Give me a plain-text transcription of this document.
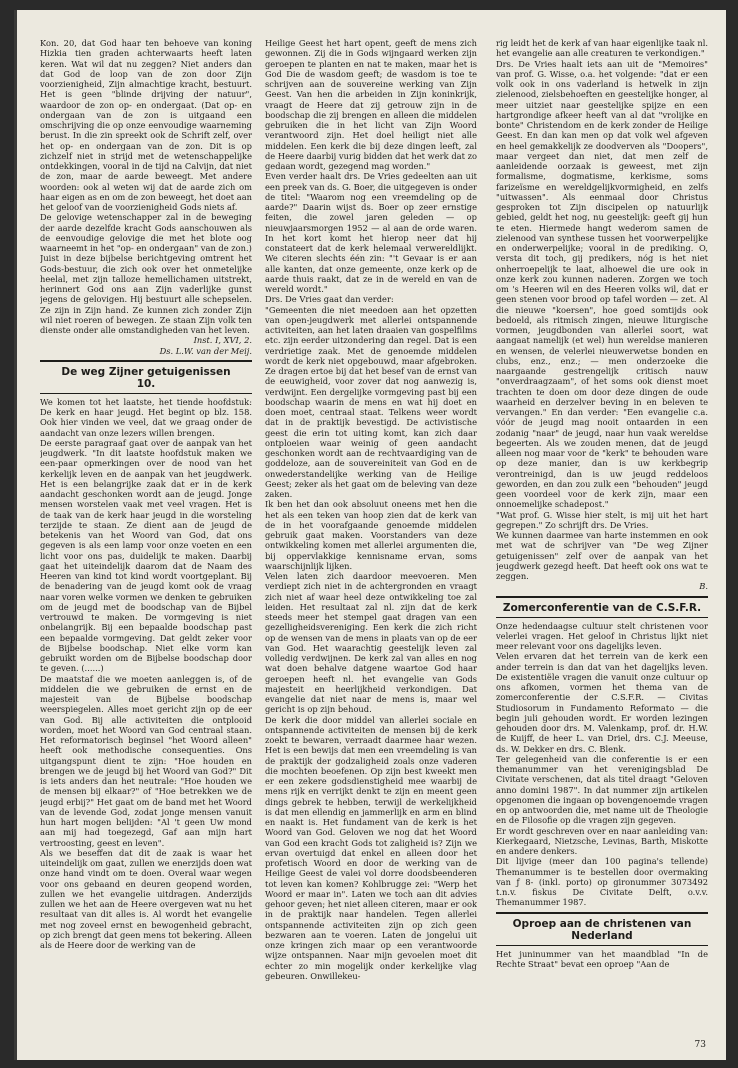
Kon. 20, dat God haar ten behoeve van koning Hizkia tien graden achterwaarts heeft laten keren. Wat wil dat nu zeggen? Niet anders dan dat God de loop van de zon door Zijn voorzienigheid, Zijn almachtige kracht, bestuurt. Het is geen "blinde drijving der natuur", waardoor de zon op- en ondergaat. (Dat op- en ondergaan van de zon is uitgaand een omschrijving die op onze eenvoudige waarneming berust. In die zin spreekt ook de Schrift zelf, over het op- en ondergaan van de zon. Dit is op zichzelf niet in strijd met de wetenschappelijke ontdekkingen, vooral in de tijd na Calvijn, dat niet de zon, maar de aarde beweegt. Met andere woorden: ook al weten wij dat de aarde zich om haar eigen as en om de zon beweegt, het doet aan het geloof van de voorzienigheid Gods niets af.

De gelovige wetenschapper zal in de beweging der aarde dezelfde kracht Gods aanschouwen als de eenvoudige gelovige die met het blote oog waarneemt in het "op- en ondergaan" van de zon.)

Juist in deze bijbelse berichtgeving omtrent het Gods-bestuur, die zich ook over het onmetelijke heelal, met zijn talloze hemellichamen uitstrekt, herinnert God ons aan Zijn vaderlijke gunst jegens de gelovigen. Hij bestuurt alle schepselen. Ze zijn in Zijn hand. Ze kunnen zich zonder Zijn wil niet roeren of bewegen. Ze staan Zijn volk ten dienste onder alle omstandigheden van het leven.

Inst. I, XVI, 2.

Ds. L.W. van der Meij.

De weg Zijner getuigenissen
10.

We komen tot het laatste, het tiende hoofdstuk: De kerk en haar jeugd. Het begint op blz. 158. Ook hier vinden we veel, dat we graag onder de aandacht van onze lezers willen brengen.

De eerste paragraaf gaat over de aanpak van het jeugdwerk. "In dit laatste hoofdstuk maken we een-paar opmerkingen over de nood van het kerkelijk leven en de aanpak van het jeugdwerk. Het is een belangrijke zaak dat er in de kerk aandacht geschonken wordt aan de jeugd. Jonge mensen worstelen vaak met veel vragen. Het is de taak van de kerk haar jeugd in die worsteling terzijde te staan. Ze dient aan de jeugd de betekenis van het Woord van God, dat ons gegeven is als een lamp voor onze voeten en een licht voor ons pas, duidelijk te maken. Daarbij gaat het uiteindelijk daarom dat de Naam des Heeren van kind tot kind wordt voortgeplant. Bij de benadering van de jeugd komt ook de vraag naar voren welke vormen we denken te gebruiken om de jeugd met de boodschap van de Bijbel vertrouwd te maken. De vormgeving is niet onbelangrijk. Bij een bepaalde boodschap past een bepaalde vormgeving. Dat geldt zeker voor de Bijbelse boodschap. Niet elke vorm kan gebruikt worden om de Bijbelse boodschap door te geven. (......)

De maatstaf die we moeten aanleggen is, of de middelen die we gebruiken de ernst en de majesteit van de Bijbelse boodschap weerspiegelen. Alles moet gericht zijn op de eer van God. Bij alle activiteiten die ontplooid worden, moet het Woord van God centraal staan. Het reformatorisch beginsel "het Woord alleen" heeft ook methodische consequenties. Ons uitgangspunt dient te zijn: "Hoe houden en brengen we de jeugd bij het Woord van God?" Dit is iets anders dan het neutrale: "Hoe houden we de mensen bij elkaar?" of "Hoe betrekken we de jeugd erbij?" Het gaat om de band met het Woord van de levende God, zodat jonge mensen vanuit hun hart mogen belijden: "Al 't geen Uw mond aan mij had toegezegd, Gaf aan mijn hart vertroosting, geest en leven".

Als we beseffen dat dit de zaak is waar het uiteindelijk om gaat, zullen we enerzijds doen wat onze hand vindt om te doen. Overal waar wegen voor ons gebaand en deuren geopend worden, zullen we het evangelie uitdragen. Anderzijds zullen we het aan de Heere overgeven wat nu het resultaat van dit alles is. Al wordt het evangelie met nog zoveel ernst en bewogenheid gebracht, op zich brengt dat geen mens tot bekering. Alleen als de Heere door de werking van de

Heilige Geest het hart opent, geeft de mens zich gewonnen. Zij die in Gods wijngaard werken zijn geroepen te planten en nat te maken, maar het is God Die de wasdom geeft; de wasdom is toe te schrijven aan de souvereine werking van Zijn Geest. Van hen die arbeiden in Zijn koninkrijk, vraagt de Heere dat zij getrouw zijn in de boodschap die zij brengen en alleen die middelen gebruiken die in het licht van Zijn Woord verantwoord zijn. Het doel heiligt niet alle middelen. Een kerk die bij deze dingen leeft, zal de Heere daarbij vurig bidden dat het werk dat zo gedaan wordt, gezegend mag worden."

Even verder haalt drs. De Vries gedeelten aan uit een preek van ds. G. Boer, die uitgegeven is onder de titel: "Waarom nog een vreemdeling op de aarde?" Daarin wijst ds. Boer op zeer ernstige feiten, die zowel jaren geleden — op nieuwjaarsmorgen 1952 — al aan de orde waren. In het kort komt het hierop neer dat hij constateert dat de kerk helemaal verwereldlijkt. We citeren slechts één zin: "'t Gevaar is er aan alle kanten, dat onze gemeente, onze kerk op de aarde thuis raakt, dat ze in de wereld en van de wereld wordt."

Drs. De Vries gaat dan verder:

"Gemeenten die niet meedoen aan het opzetten van open-jeugdwerk met allerlei ontspannende activiteiten, aan het laten draaien van gospelfilms etc. zijn eerder uitzondering dan regel. Dat is een verdrietige zaak. Met de genoemde middelen wordt de kerk niet opgebouwd, maar afgebroken. Ze dragen ertoe bij dat het besef van de ernst van de eeuwigheid, voor zover dat nog aanwezig is, verdwijnt. Een dergelijke vormgeving past bij een boodschap waarin de mens en wat hij doet en doen moet, centraal staat. Telkens weer wordt dat in de praktijk bevestigd. De activistische geest die erin tot uiting komt, kan zich daar ontploeien waar weinig of geen aandacht geschonken wordt aan de rechtvaardiging van de goddeloze, aan de souvereiniteit van God en de onwederstandelijke werking van de Heilige Geest; zeker als het gaat om de beleving van deze zaken.

Ik ben het dan ook absoluut oneens met hen die het als een teken van hoop zien dat de kerk van de in het voorafgaande genoemde middelen gebruik gaat maken. Voorstanders van deze ontwikkeling komen met allerlei argumenten die, bij oppervlakkige kennisname ervan, soms waarschijnlijk lijken.

Velen laten zich daardoor meevoeren. Men verdiept zich niet in de achtergronden en vraagt zich niet af waar heel deze ontwikkeling toe zal leiden. Het resultaat zal nl. zijn dat de kerk steeds meer het stempel gaat dragen van een gezelligheidsvereniging. Een kerk die zich richt op de wensen van de mens in plaats van op de eer van God. Het waarachtig geestelijk leven zal volledig verdwijnen. De kerk zal van alles en nog wat doen behalve datgene waartoe God haar geroepen heeft nl. het evangelie van Gods majesteit en heerlijkheid verkondigen. Dat evangelie dat niet naar de mens is, maar wel gericht is op zijn behoud.

De kerk die door middel van allerlei sociale en ontspannende activiteiten de mensen bij de kerk zoekt te bewaren, verraadt daarmee haar wezen. Het is een bewijs dat men een vreemdeling is van de praktijk der godzaligheid zoals onze vaderen die mochten beoefenen. Op zijn best kweekt men er een zekere godsdienstigheid mee waarbij de mens rijk en verrijkt denkt te zijn en meent geen dings gebrek te hebben, terwijl de werkelijkheid is dat men ellendig en jammerlijk en arm en blind en naakt is. Het fundament van de kerk is het Woord van God. Geloven we nog dat het Woord van God een kracht Gods tot zaligheid is? Zijn we ervan overtuigd dat enkel en alleen door het profetisch Woord en door de werking van de Heilige Geest de valei vol dorre doodsbeenderen tot leven kan komen? Kohlbrugge zei: "Werp het Woord er maar in". Laten we toch aan dit advies gehoor geven; het niet alleen citeren, maar er ook in de praktijk naar handelen. Tegen allerlei ontspannende activiteiten zijn op zich geen bezwaren aan te voeren. Laten de jongelui uit onze kringen zich maar op een verantwoorde wijze ontspannen. Naar mijn gevoelen moet dit echter zo min mogelijk onder kerkelijke vlag gebeuren. Onwillekeu-

rig leidt het de kerk af van haar eigenlijke taak nl. het evangelie aan alle creaturen te verkondigen."

Drs. De Vries haalt iets aan uit de "Memoires" van prof. G. Wisse, o.a. het volgende: "dat er een volk ook in ons vaderland is hetwelk in zijn zielenood, zielsbehoeften en geestelijke honger, al meer uitziet naar geestelijke spijze en een hartgrondige afkeer heeft van al dat "vrolijke en bonte" Christendom en de kerk zonder de Heilige Geest. En dan kan men op dat volk wel afgeven en heel gemakkelijk ze doodverven als "Doopers", maar vergeet dan niet, dat men zelf de aanleidende oorzaak is geweest, met zijn formalisme, dogmatisme, kerkisme, soms farizeïsme en wereldgelijkvormigheid, en zelfs "uitwassen". Als eenmaal door Christus gesproken tot Zijn discipelen op natuurlijk gebied, geldt het nog, nu geestelijk: geeft gij hun te eten. Hiermede hangt wederom samen de zielenood van synthese tussen het voorwerpelijke en onderwerpelijke; vooral in de prediking. O, versta dit toch, gij predikers, nóg is het niet onherroepelijk te laat, alhoewel die ure ook in onze kerk zou kunnen naderen. Zorgen we toch om 's Heeren wil en des Heeren volks wil, dat er geen stenen voor brood op tafel worden — zet. Al die nieuwe "koersen", hoe goed somtijds ook bedoeld, als ritmisch zingen, nieuwe liturgische vormen, jeugdbonden van allerlei soort, wat aangaat namelijk (et wel) hun wereldse manieren en wensen, de velerlei nieuwerwetse bonden en clubs, enz., enz.; — men onderzoeke die naargaande gestrengelijk critisch nauw "onverdraagzaam", of het soms ook dienst moet trachten te doen om door deze dingen de oude waarheid en derzelver beving in en beleven te vervangen." En dan verder: "Een evangelie c.a. vóór de jeugd mag nooit ontaarden in een zodanig "naar" de jeugd, naar hun vaak wereldse begeerten. Als we zouden menen, dat de jeugd alleen nog maar voor de "kerk" te behouden ware op deze manier, dan is uw kerkbegrip verontreinigd, dan is uw jeugd reddeloos geworden, en dan zou zulk een "behouden" jeugd geen voordeel voor de kerk zijn, maar een onnoemelijke schadepost."

"Wat prof. G. Wisse hier stelt, is mij uit het hart gegrepen." Zo schrijft drs. De Vries.

We kunnen daarmee van harte instemmen en ook met wat de schrijver van "De weg Zijner getuigenissen" zelf over de aanpak van het jeugdwerk gezegd heeft. Dat heeft ook ons wat te zeggen.

B.

Zomerconferentie van de C.S.F.R.

Onze hedendaagse cultuur stelt christenen voor velerlei vragen. Het geloof in Christus lijkt niet meer relevant voor ons dagelijks leven.

Velen ervaren dat het terrein van de kerk een ander terrein is dan dat van het dagelijks leven. De existentiële vragen die vanuit onze cultuur op ons afkomen, vormen het thema van de zomerconferentie der C.S.F.R. — Civitas Studiosorum in Fundamento Reformato — die begin juli gehouden wordt. Er worden lezingen gehouden door drs. M. Valenkamp, prof. dr. H.W. de Kuijff, de heer L. van Driel, drs. C.J. Meeuse, ds. W. Dekker en drs. C. Blenk.

Ter gelegenheid van die conferentie is er een themanummer van het verenigingsblad De Civitate verschenen, dat als titel draagt "Geloven anno domini 1987". In dat nummer zijn artikelen opgenomen die ingaan op bovengenoemde vragen en op antwoorden die, met name uit de Theologie en de Filosofie op die vragen zijn gegeven.

Er wordt geschreven over en naar aanleiding van: Kierkegaard, Nietzsche, Levinas, Barth, Miskotte en andere denkers.

Dit lijvige (meer dan 100 pagina's tellende) Themanummer is te bestellen door overmaking van ƒ 8- (inkl. porto) op gironummer 3073492 t.n.v. fiskus De Civitate Delft, o.v.v. Themanummer 1987.

Oproep aan de christenen van
Nederland

Het juninummer van het maandblad "In de Rechte Straat" bevat een oproep "Aan de

73
